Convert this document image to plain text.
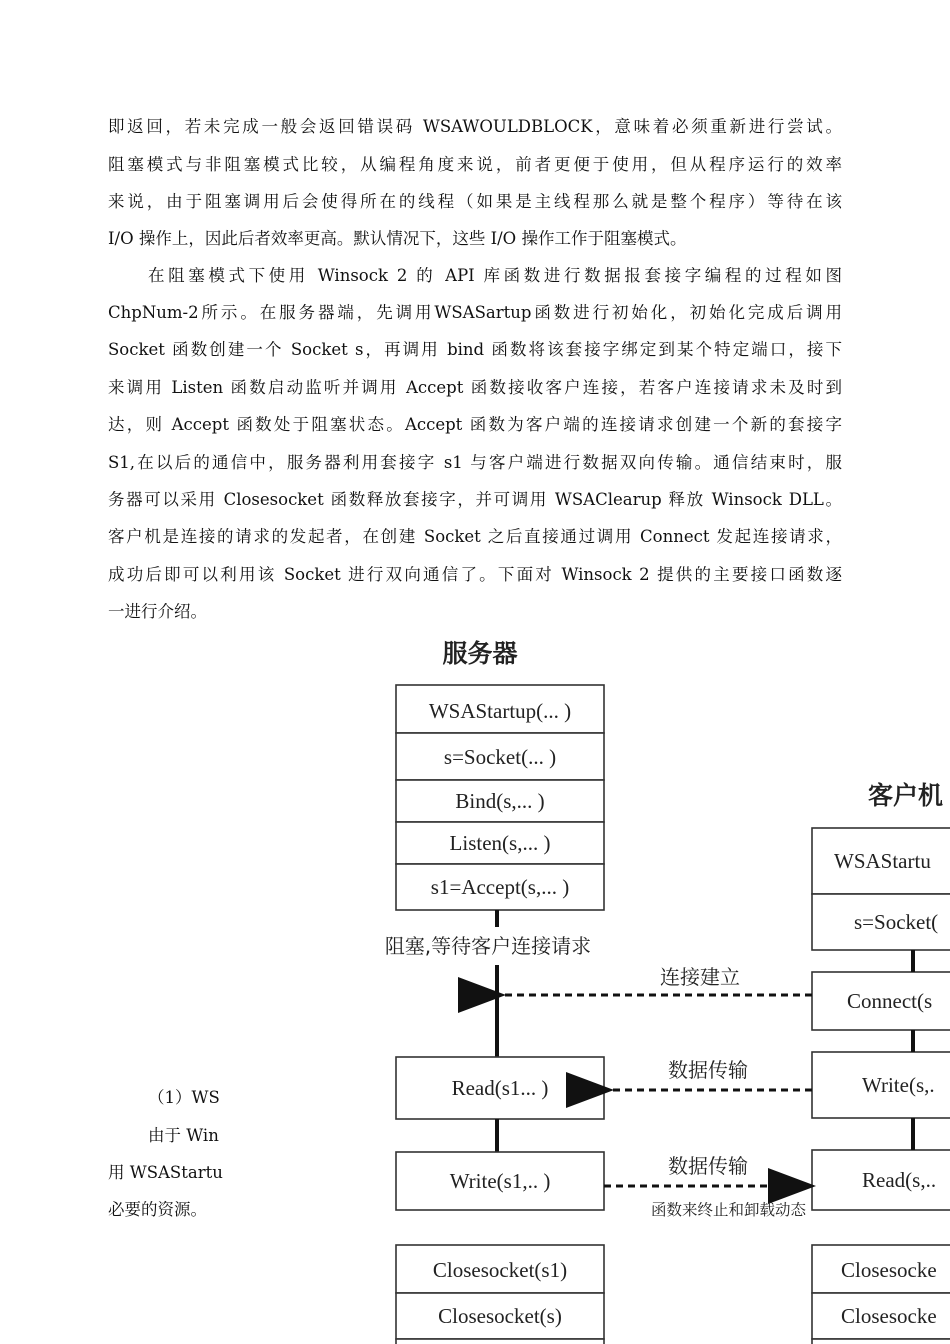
即返回，若未完成一般会返回错误码 WSAWOULDBLOCK，意味着必须重新进行尝试。

阻塞模式与非阻塞模式比较，从编程角度来说，前者更便于使用，但从程序运行的效率

来说，由于阻塞调用后会使得所在的线程（如果是主线程那么就是整个程序）等待在该

I/O 操作上，因此后者效率更高。默认情况下，这些 I/O 操作工作于阻塞模式。

在阻塞模式下使用 Winsock 2 的 API 库函数进行数据报套接字编程的过程如图

ChpNum-2所示。在服务器端，先调用WSASartup函数进行初始化，初始化完成后调用

Socket 函数创建一个 Socket s，再调用 bind 函数将该套接字绑定到某个特定端口，接下

来调用 Listen 函数启动监听并调用 Accept 函数接收客户连接，若客户连接请求未及时到

达，则 Accept 函数处于阻塞状态。Accept 函数为客户端的连接请求创建一个新的套接字

S1,在以后的通信中，服务器利用套接字 s1 与客户端进行数据双向传输。通信结束时，服

务器可以采用 Closesocket 函数释放套接字，并可调用 WSAClearup 释放 Winsock DLL。

客户机是连接的请求的发起者，在创建 Socket 之后直接通过调用 Connect 发起连接请求，

成功后即可以利用该 Socket 进行双向通信了。下面对 Winsock 2 提供的主要接口函数逐

一进行介绍。

（1）WS
由于 Win
用 WSAStartu
必要的资源。
服务器
客户机
WSAStartup(... )
s=Socket(... )
Bind(s,... )
Listen(s,... )
s1=Accept(s,... )
阻塞,等待客户连接请求
Read(s1... )
Write(s1,.. )
Closesocket(s1)
Closesocket(s)
WSAStartu
s=Socket(
Connect(s
Write(s,.
Read(s,..
Closesocke
Closesocke
连接建立
数据传输
数据传输
函数来终止和卸载动态
